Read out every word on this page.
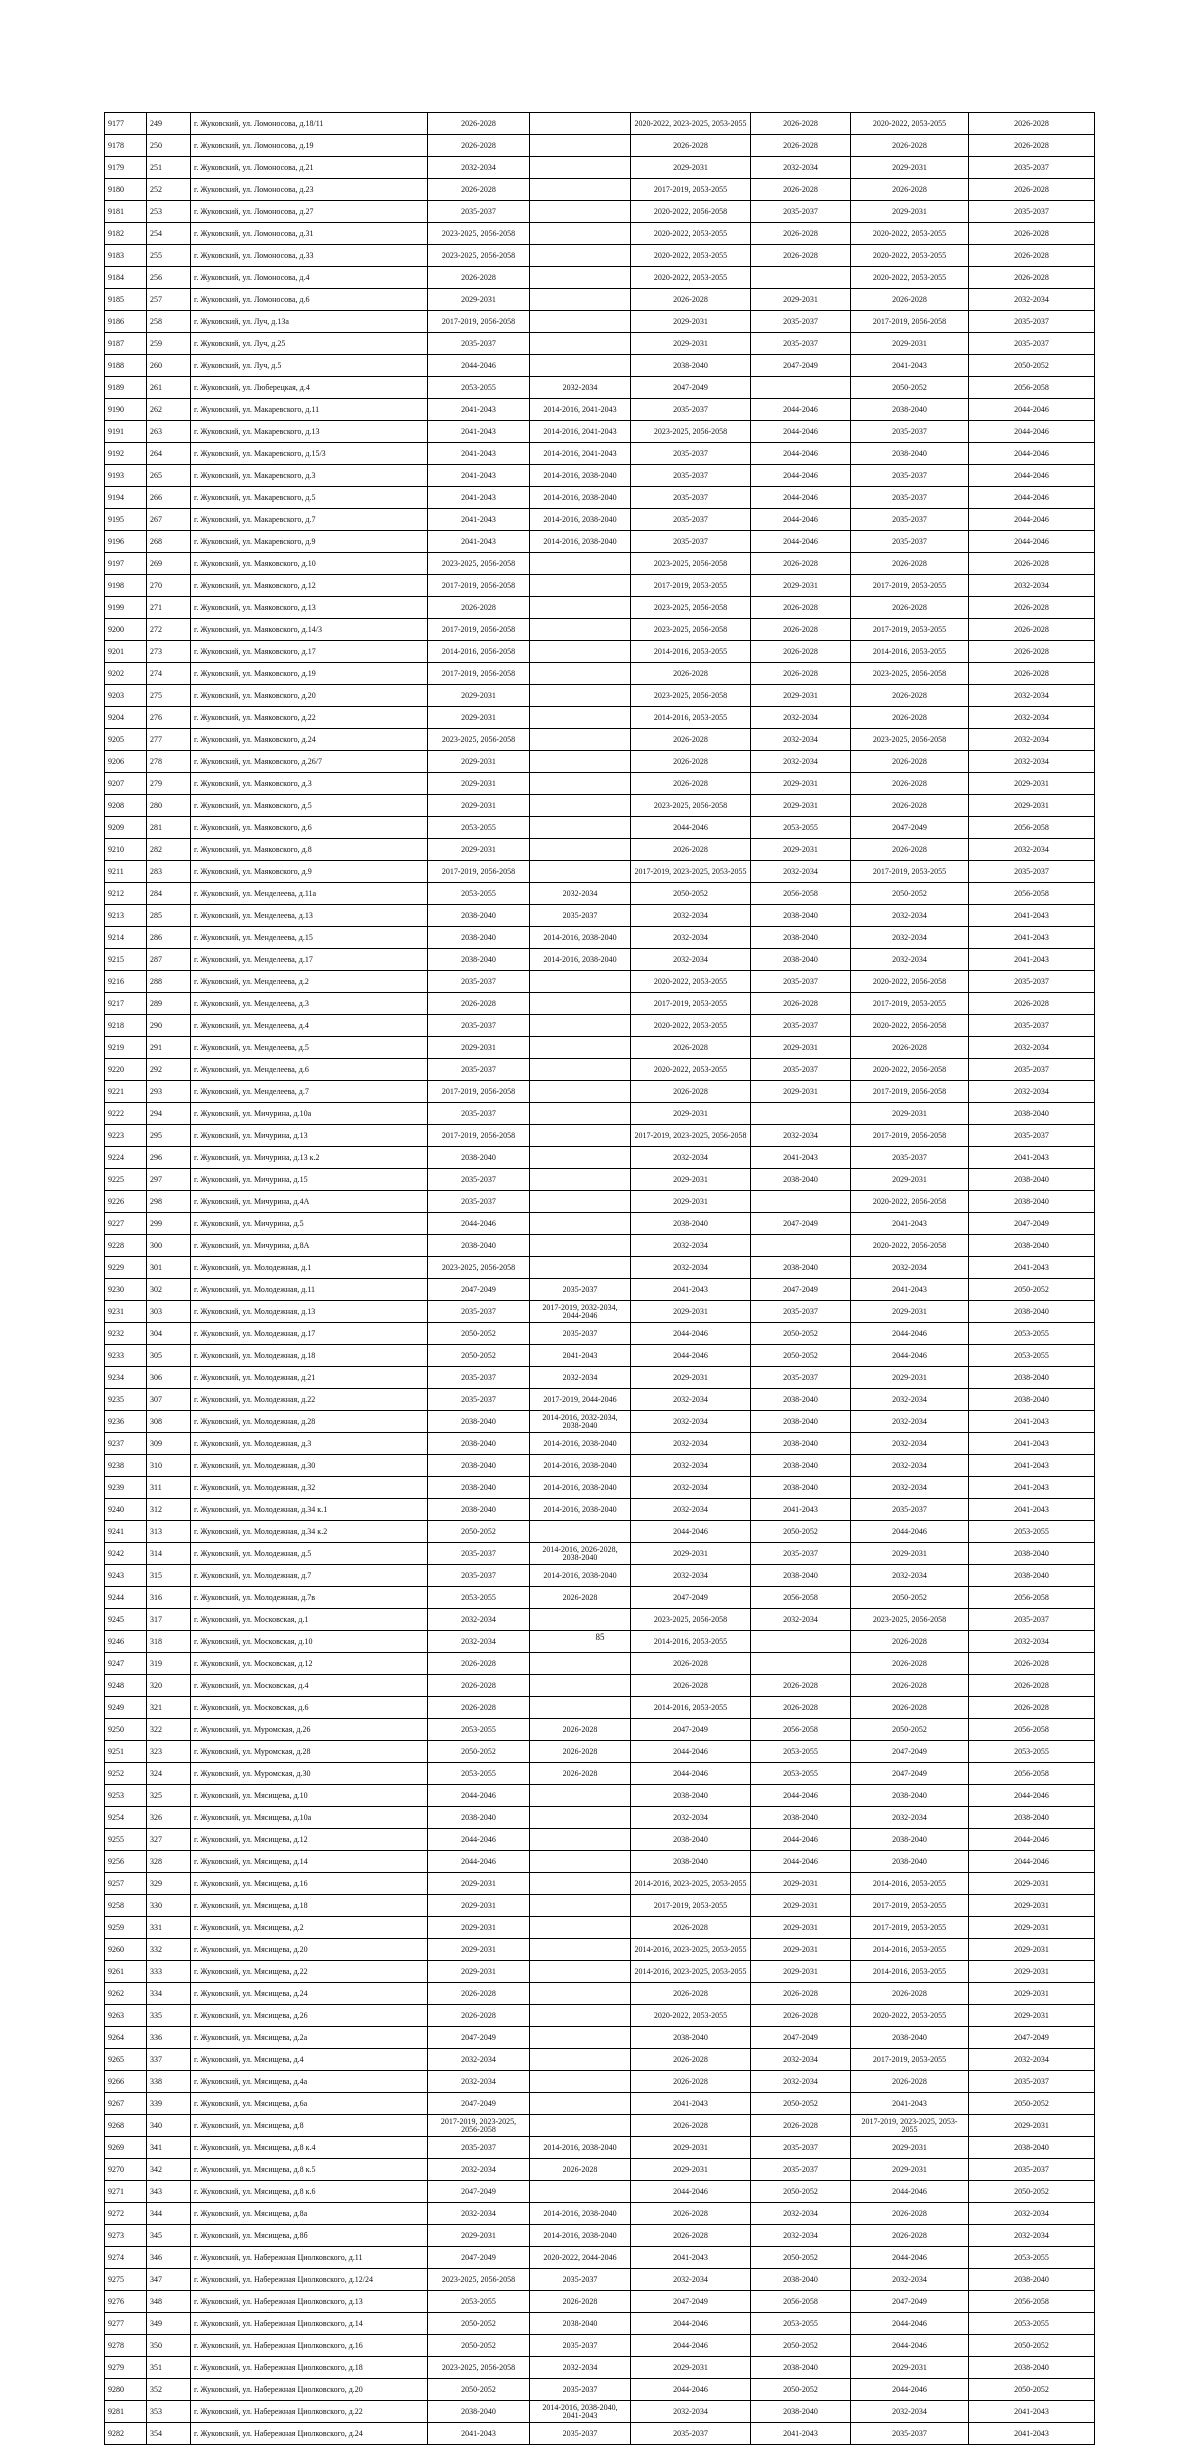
9177	249	г. Жуковский, ул. Ломоносова, д.18/11	2026-2028		2020-2022, 2023-2025, 2053-2055	2026-2028	2020-2022, 2053-2055	2026-2028
9178	250	г. Жуковский, ул. Ломоносова, д.19	2026-2028		2026-2028	2026-2028	2026-2028	2026-2028
9179	251	г. Жуковский, ул. Ломоносова, д.21	2032-2034		2029-2031	2032-2034	2029-2031	2035-2037
9180	252	г. Жуковский, ул. Ломоносова, д.23	2026-2028		2017-2019, 2053-2055	2026-2028	2026-2028	2026-2028
9181	253	г. Жуковский, ул. Ломоносова, д.27	2035-2037		2020-2022, 2056-2058	2035-2037	2029-2031	2035-2037
9182	254	г. Жуковский, ул. Ломоносова, д.31	2023-2025, 2056-2058		2020-2022, 2053-2055	2026-2028	2020-2022, 2053-2055	2026-2028
9183	255	г. Жуковский, ул. Ломоносова, д.33	2023-2025, 2056-2058		2020-2022, 2053-2055	2026-2028	2020-2022, 2053-2055	2026-2028
9184	256	г. Жуковский, ул. Ломоносова, д.4	2026-2028		2020-2022, 2053-2055		2020-2022, 2053-2055	2026-2028
9185	257	г. Жуковский, ул. Ломоносова, д.6	2029-2031		2026-2028	2029-2031	2026-2028	2032-2034
9186	258	г. Жуковский, ул. Луч, д.13а	2017-2019, 2056-2058		2029-2031	2035-2037	2017-2019, 2056-2058	2035-2037
9187	259	г. Жуковский, ул. Луч, д.25	2035-2037		2029-2031	2035-2037	2029-2031	2035-2037
9188	260	г. Жуковский, ул. Луч, д.5	2044-2046		2038-2040	2047-2049	2041-2043	2050-2052
9189	261	г. Жуковский, ул. Люберецкая, д.4	2053-2055	2032-2034	2047-2049		2050-2052	2056-2058
9190	262	г. Жуковский, ул. Макаревского, д.11	2041-2043	2014-2016, 2041-2043	2035-2037	2044-2046	2038-2040	2044-2046
9191	263	г. Жуковский, ул. Макаревского, д.13	2041-2043	2014-2016, 2041-2043	2023-2025, 2056-2058	2044-2046	2035-2037	2044-2046
9192	264	г. Жуковский, ул. Макаревского, д.15/3	2041-2043	2014-2016, 2041-2043	2035-2037	2044-2046	2038-2040	2044-2046
9193	265	г. Жуковский, ул. Макаревского, д.3	2041-2043	2014-2016, 2038-2040	2035-2037	2044-2046	2035-2037	2044-2046
9194	266	г. Жуковский, ул. Макаревского, д.5	2041-2043	2014-2016, 2038-2040	2035-2037	2044-2046	2035-2037	2044-2046
9195	267	г. Жуковский, ул. Макаревского, д.7	2041-2043	2014-2016, 2038-2040	2035-2037	2044-2046	2035-2037	2044-2046
9196	268	г. Жуковский, ул. Макаревского, д.9	2041-2043	2014-2016, 2038-2040	2035-2037	2044-2046	2035-2037	2044-2046
9197	269	г. Жуковский, ул. Маяковского, д.10	2023-2025, 2056-2058		2023-2025, 2056-2058	2026-2028	2026-2028	2026-2028
9198	270	г. Жуковский, ул. Маяковского, д.12	2017-2019, 2056-2058		2017-2019, 2053-2055	2029-2031	2017-2019, 2053-2055	2032-2034
9199	271	г. Жуковский, ул. Маяковского, д.13	2026-2028		2023-2025, 2056-2058	2026-2028	2026-2028	2026-2028
9200	272	г. Жуковский, ул. Маяковского, д.14/3	2017-2019, 2056-2058		2023-2025, 2056-2058	2026-2028	2017-2019, 2053-2055	2026-2028
9201	273	г. Жуковский, ул. Маяковского, д.17	2014-2016, 2056-2058		2014-2016, 2053-2055	2026-2028	2014-2016, 2053-2055	2026-2028
9202	274	г. Жуковский, ул. Маяковского, д.19	2017-2019, 2056-2058		2026-2028	2026-2028	2023-2025, 2056-2058	2026-2028
9203	275	г. Жуковский, ул. Маяковского, д.20	2029-2031		2023-2025, 2056-2058	2029-2031	2026-2028	2032-2034
9204	276	г. Жуковский, ул. Маяковского, д.22	2029-2031		2014-2016, 2053-2055	2032-2034	2026-2028	2032-2034
9205	277	г. Жуковский, ул. Маяковского, д.24	2023-2025, 2056-2058		2026-2028	2032-2034	2023-2025, 2056-2058	2032-2034
9206	278	г. Жуковский, ул. Маяковского, д.26/7	2029-2031		2026-2028	2032-2034	2026-2028	2032-2034
9207	279	г. Жуковский, ул. Маяковского, д.3	2029-2031		2026-2028	2029-2031	2026-2028	2029-2031
9208	280	г. Жуковский, ул. Маяковского, д.5	2029-2031		2023-2025, 2056-2058	2029-2031	2026-2028	2029-2031
9209	281	г. Жуковский, ул. Маяковского, д.6	2053-2055		2044-2046	2053-2055	2047-2049	2056-2058
9210	282	г. Жуковский, ул. Маяковского, д.8	2029-2031		2026-2028	2029-2031	2026-2028	2032-2034
9211	283	г. Жуковский, ул. Маяковского, д.9	2017-2019, 2056-2058		2017-2019, 2023-2025, 2053-2055	2032-2034	2017-2019, 2053-2055	2035-2037
9212	284	г. Жуковский, ул. Менделеева, д.11а	2053-2055	2032-2034	2050-2052	2056-2058	2050-2052	2056-2058
9213	285	г. Жуковский, ул. Менделеева, д.13	2038-2040	2035-2037	2032-2034	2038-2040	2032-2034	2041-2043
9214	286	г. Жуковский, ул. Менделеева, д.15	2038-2040	2014-2016, 2038-2040	2032-2034	2038-2040	2032-2034	2041-2043
9215	287	г. Жуковский, ул. Менделеева, д.17	2038-2040	2014-2016, 2038-2040	2032-2034	2038-2040	2032-2034	2041-2043
9216	288	г. Жуковский, ул. Менделеева, д.2	2035-2037		2020-2022, 2053-2055	2035-2037	2020-2022, 2056-2058	2035-2037
9217	289	г. Жуковский, ул. Менделеева, д.3	2026-2028		2017-2019, 2053-2055	2026-2028	2017-2019, 2053-2055	2026-2028
9218	290	г. Жуковский, ул. Менделеева, д.4	2035-2037		2020-2022, 2053-2055	2035-2037	2020-2022, 2056-2058	2035-2037
9219	291	г. Жуковский, ул. Менделеева, д.5	2029-2031		2026-2028	2029-2031	2026-2028	2032-2034
9220	292	г. Жуковский, ул. Менделеева, д.6	2035-2037		2020-2022, 2053-2055	2035-2037	2020-2022, 2056-2058	2035-2037
9221	293	г. Жуковский, ул. Менделеева, д.7	2017-2019, 2056-2058		2026-2028	2029-2031	2017-2019, 2056-2058	2032-2034
9222	294	г. Жуковский, ул. Мичурина, д.10а	2035-2037		2029-2031		2029-2031	2038-2040
9223	295	г. Жуковский, ул. Мичурина, д.13	2017-2019, 2056-2058		2017-2019, 2023-2025, 2056-2058	2032-2034	2017-2019, 2056-2058	2035-2037
9224	296	г. Жуковский, ул. Мичурина, д.13 к.2	2038-2040		2032-2034	2041-2043	2035-2037	2041-2043
9225	297	г. Жуковский, ул. Мичурина, д.15	2035-2037		2029-2031	2038-2040	2029-2031	2038-2040
9226	298	г. Жуковский, ул. Мичурина, д.4А	2035-2037		2029-2031		2020-2022, 2056-2058	2038-2040
9227	299	г. Жуковский, ул. Мичурина, д.5	2044-2046		2038-2040	2047-2049	2041-2043	2047-2049
9228	300	г. Жуковский, ул. Мичурина, д.8А	2038-2040		2032-2034		2020-2022, 2056-2058	2038-2040
9229	301	г. Жуковский, ул. Молодежная, д.1	2023-2025, 2056-2058		2032-2034	2038-2040	2032-2034	2041-2043
9230	302	г. Жуковский, ул. Молодежная, д.11	2047-2049	2035-2037	2041-2043	2047-2049	2041-2043	2050-2052
9231	303	г. Жуковский, ул. Молодежная, д.13	2035-2037	2017-2019, 2032-2034, 2044-2046	2029-2031	2035-2037	2029-2031	2038-2040
9232	304	г. Жуковский, ул. Молодежная, д.17	2050-2052	2035-2037	2044-2046	2050-2052	2044-2046	2053-2055
9233	305	г. Жуковский, ул. Молодежная, д.18	2050-2052	2041-2043	2044-2046	2050-2052	2044-2046	2053-2055
9234	306	г. Жуковский, ул. Молодежная, д.21	2035-2037	2032-2034	2029-2031	2035-2037	2029-2031	2038-2040
9235	307	г. Жуковский, ул. Молодежная, д.22	2035-2037	2017-2019, 2044-2046	2032-2034	2038-2040	2032-2034	2038-2040
9236	308	г. Жуковский, ул. Молодежная, д.28	2038-2040	2014-2016, 2032-2034, 2038-2040	2032-2034	2038-2040	2032-2034	2041-2043
9237	309	г. Жуковский, ул. Молодежная, д.3	2038-2040	2014-2016, 2038-2040	2032-2034	2038-2040	2032-2034	2041-2043
9238	310	г. Жуковский, ул. Молодежная, д.30	2038-2040	2014-2016, 2038-2040	2032-2034	2038-2040	2032-2034	2041-2043
9239	311	г. Жуковский, ул. Молодежная, д.32	2038-2040	2014-2016, 2038-2040	2032-2034	2038-2040	2032-2034	2041-2043
9240	312	г. Жуковский, ул. Молодежная, д.34 к.1	2038-2040	2014-2016, 2038-2040	2032-2034	2041-2043	2035-2037	2041-2043
9241	313	г. Жуковский, ул. Молодежная, д.34 к.2	2050-2052		2044-2046	2050-2052	2044-2046	2053-2055
9242	314	г. Жуковский, ул. Молодежная, д.5	2035-2037	2014-2016, 2026-2028, 2038-2040	2029-2031	2035-2037	2029-2031	2038-2040
9243	315	г. Жуковский, ул. Молодежная, д.7	2035-2037	2014-2016, 2038-2040	2032-2034	2038-2040	2032-2034	2038-2040
9244	316	г. Жуковский, ул. Молодежная, д.7в	2053-2055	2026-2028	2047-2049	2056-2058	2050-2052	2056-2058
9245	317	г. Жуковский, ул. Московская, д.1	2032-2034		2023-2025, 2056-2058	2032-2034	2023-2025, 2056-2058	2035-2037
9246	318	г. Жуковский, ул. Московская, д.10	2032-2034		2014-2016, 2053-2055		2026-2028	2032-2034
9247	319	г. Жуковский, ул. Московская, д.12	2026-2028		2026-2028		2026-2028	2026-2028
9248	320	г. Жуковский, ул. Московская, д.4	2026-2028		2026-2028	2026-2028	2026-2028	2026-2028
9249	321	г. Жуковский, ул. Московская, д.6	2026-2028		2014-2016, 2053-2055	2026-2028	2026-2028	2026-2028
9250	322	г. Жуковский, ул. Муромская, д.26	2053-2055	2026-2028	2047-2049	2056-2058	2050-2052	2056-2058
9251	323	г. Жуковский, ул. Муромская, д.28	2050-2052	2026-2028	2044-2046	2053-2055	2047-2049	2053-2055
9252	324	г. Жуковский, ул. Муромская, д.30	2053-2055	2026-2028	2044-2046	2053-2055	2047-2049	2056-2058
9253	325	г. Жуковский, ул. Мясищева, д.10	2044-2046		2038-2040	2044-2046	2038-2040	2044-2046
9254	326	г. Жуковский, ул. Мясищева, д.10а	2038-2040		2032-2034	2038-2040	2032-2034	2038-2040
9255	327	г. Жуковский, ул. Мясищева, д.12	2044-2046		2038-2040	2044-2046	2038-2040	2044-2046
9256	328	г. Жуковский, ул. Мясищева, д.14	2044-2046		2038-2040	2044-2046	2038-2040	2044-2046
9257	329	г. Жуковский, ул. Мясищева, д.16	2029-2031		2014-2016, 2023-2025, 2053-2055	2029-2031	2014-2016, 2053-2055	2029-2031
9258	330	г. Жуковский, ул. Мясищева, д.18	2029-2031		2017-2019, 2053-2055	2029-2031	2017-2019, 2053-2055	2029-2031
9259	331	г. Жуковский, ул. Мясищева, д.2	2029-2031		2026-2028	2029-2031	2017-2019, 2053-2055	2029-2031
9260	332	г. Жуковский, ул. Мясищева, д.20	2029-2031		2014-2016, 2023-2025, 2053-2055	2029-2031	2014-2016, 2053-2055	2029-2031
9261	333	г. Жуковский, ул. Мясищева, д.22	2029-2031		2014-2016, 2023-2025, 2053-2055	2029-2031	2014-2016, 2053-2055	2029-2031
9262	334	г. Жуковский, ул. Мясищева, д.24	2026-2028		2026-2028	2026-2028	2026-2028	2029-2031
9263	335	г. Жуковский, ул. Мясищева, д.26	2026-2028		2020-2022, 2053-2055	2026-2028	2020-2022, 2053-2055	2029-2031
9264	336	г. Жуковский, ул. Мясищева, д.2а	2047-2049		2038-2040	2047-2049	2038-2040	2047-2049
9265	337	г. Жуковский, ул. Мясищева, д.4	2032-2034		2026-2028	2032-2034	2017-2019, 2053-2055	2032-2034
9266	338	г. Жуковский, ул. Мясищева, д.4а	2032-2034		2026-2028	2032-2034	2026-2028	2035-2037
9267	339	г. Жуковский, ул. Мясищева, д.6а	2047-2049		2041-2043	2050-2052	2041-2043	2050-2052
9268	340	г. Жуковский, ул. Мясищева, д.8	2017-2019, 2023-2025, 2056-2058		2026-2028	2026-2028	2017-2019, 2023-2025, 2053-2055	2029-2031
9269	341	г. Жуковский, ул. Мясищева, д.8 к.4	2035-2037	2014-2016, 2038-2040	2029-2031	2035-2037	2029-2031	2038-2040
9270	342	г. Жуковский, ул. Мясищева, д.8 к.5	2032-2034	2026-2028	2029-2031	2035-2037	2029-2031	2035-2037
9271	343	г. Жуковский, ул. Мясищева, д.8 к.6	2047-2049		2044-2046	2050-2052	2044-2046	2050-2052
9272	344	г. Жуковский, ул. Мясищева, д.8а	2032-2034	2014-2016, 2038-2040	2026-2028	2032-2034	2026-2028	2032-2034
9273	345	г. Жуковский, ул. Мясищева, д.8б	2029-2031	2014-2016, 2038-2040	2026-2028	2032-2034	2026-2028	2032-2034
9274	346	г. Жуковский, ул. Набережная Циолковского, д.11	2047-2049	2020-2022, 2044-2046	2041-2043	2050-2052	2044-2046	2053-2055
9275	347	г. Жуковский, ул. Набережная Циолковского, д.12/24	2023-2025, 2056-2058	2035-2037	2032-2034	2038-2040	2032-2034	2038-2040
9276	348	г. Жуковский, ул. Набережная Циолковского, д.13	2053-2055	2026-2028	2047-2049	2056-2058	2047-2049	2056-2058
9277	349	г. Жуковский, ул. Набережная Циолковского, д.14	2050-2052	2038-2040	2044-2046	2053-2055	2044-2046	2053-2055
9278	350	г. Жуковский, ул. Набережная Циолковского, д.16	2050-2052	2035-2037	2044-2046	2050-2052	2044-2046	2050-2052
9279	351	г. Жуковский, ул. Набережная Циолковского, д.18	2023-2025, 2056-2058	2032-2034	2029-2031	2038-2040	2029-2031	2038-2040
9280	352	г. Жуковский, ул. Набережная Циолковского, д.20	2050-2052	2035-2037	2044-2046	2050-2052	2044-2046	2050-2052
9281	353	г. Жуковский, ул. Набережная Циолковского, д.22	2038-2040	2014-2016, 2038-2040, 2041-2043	2032-2034	2038-2040	2032-2034	2041-2043
9282	354	г. Жуковский, ул. Набережная Циолковского, д.24	2041-2043	2035-2037	2035-2037	2041-2043	2035-2037	2041-2043
85
